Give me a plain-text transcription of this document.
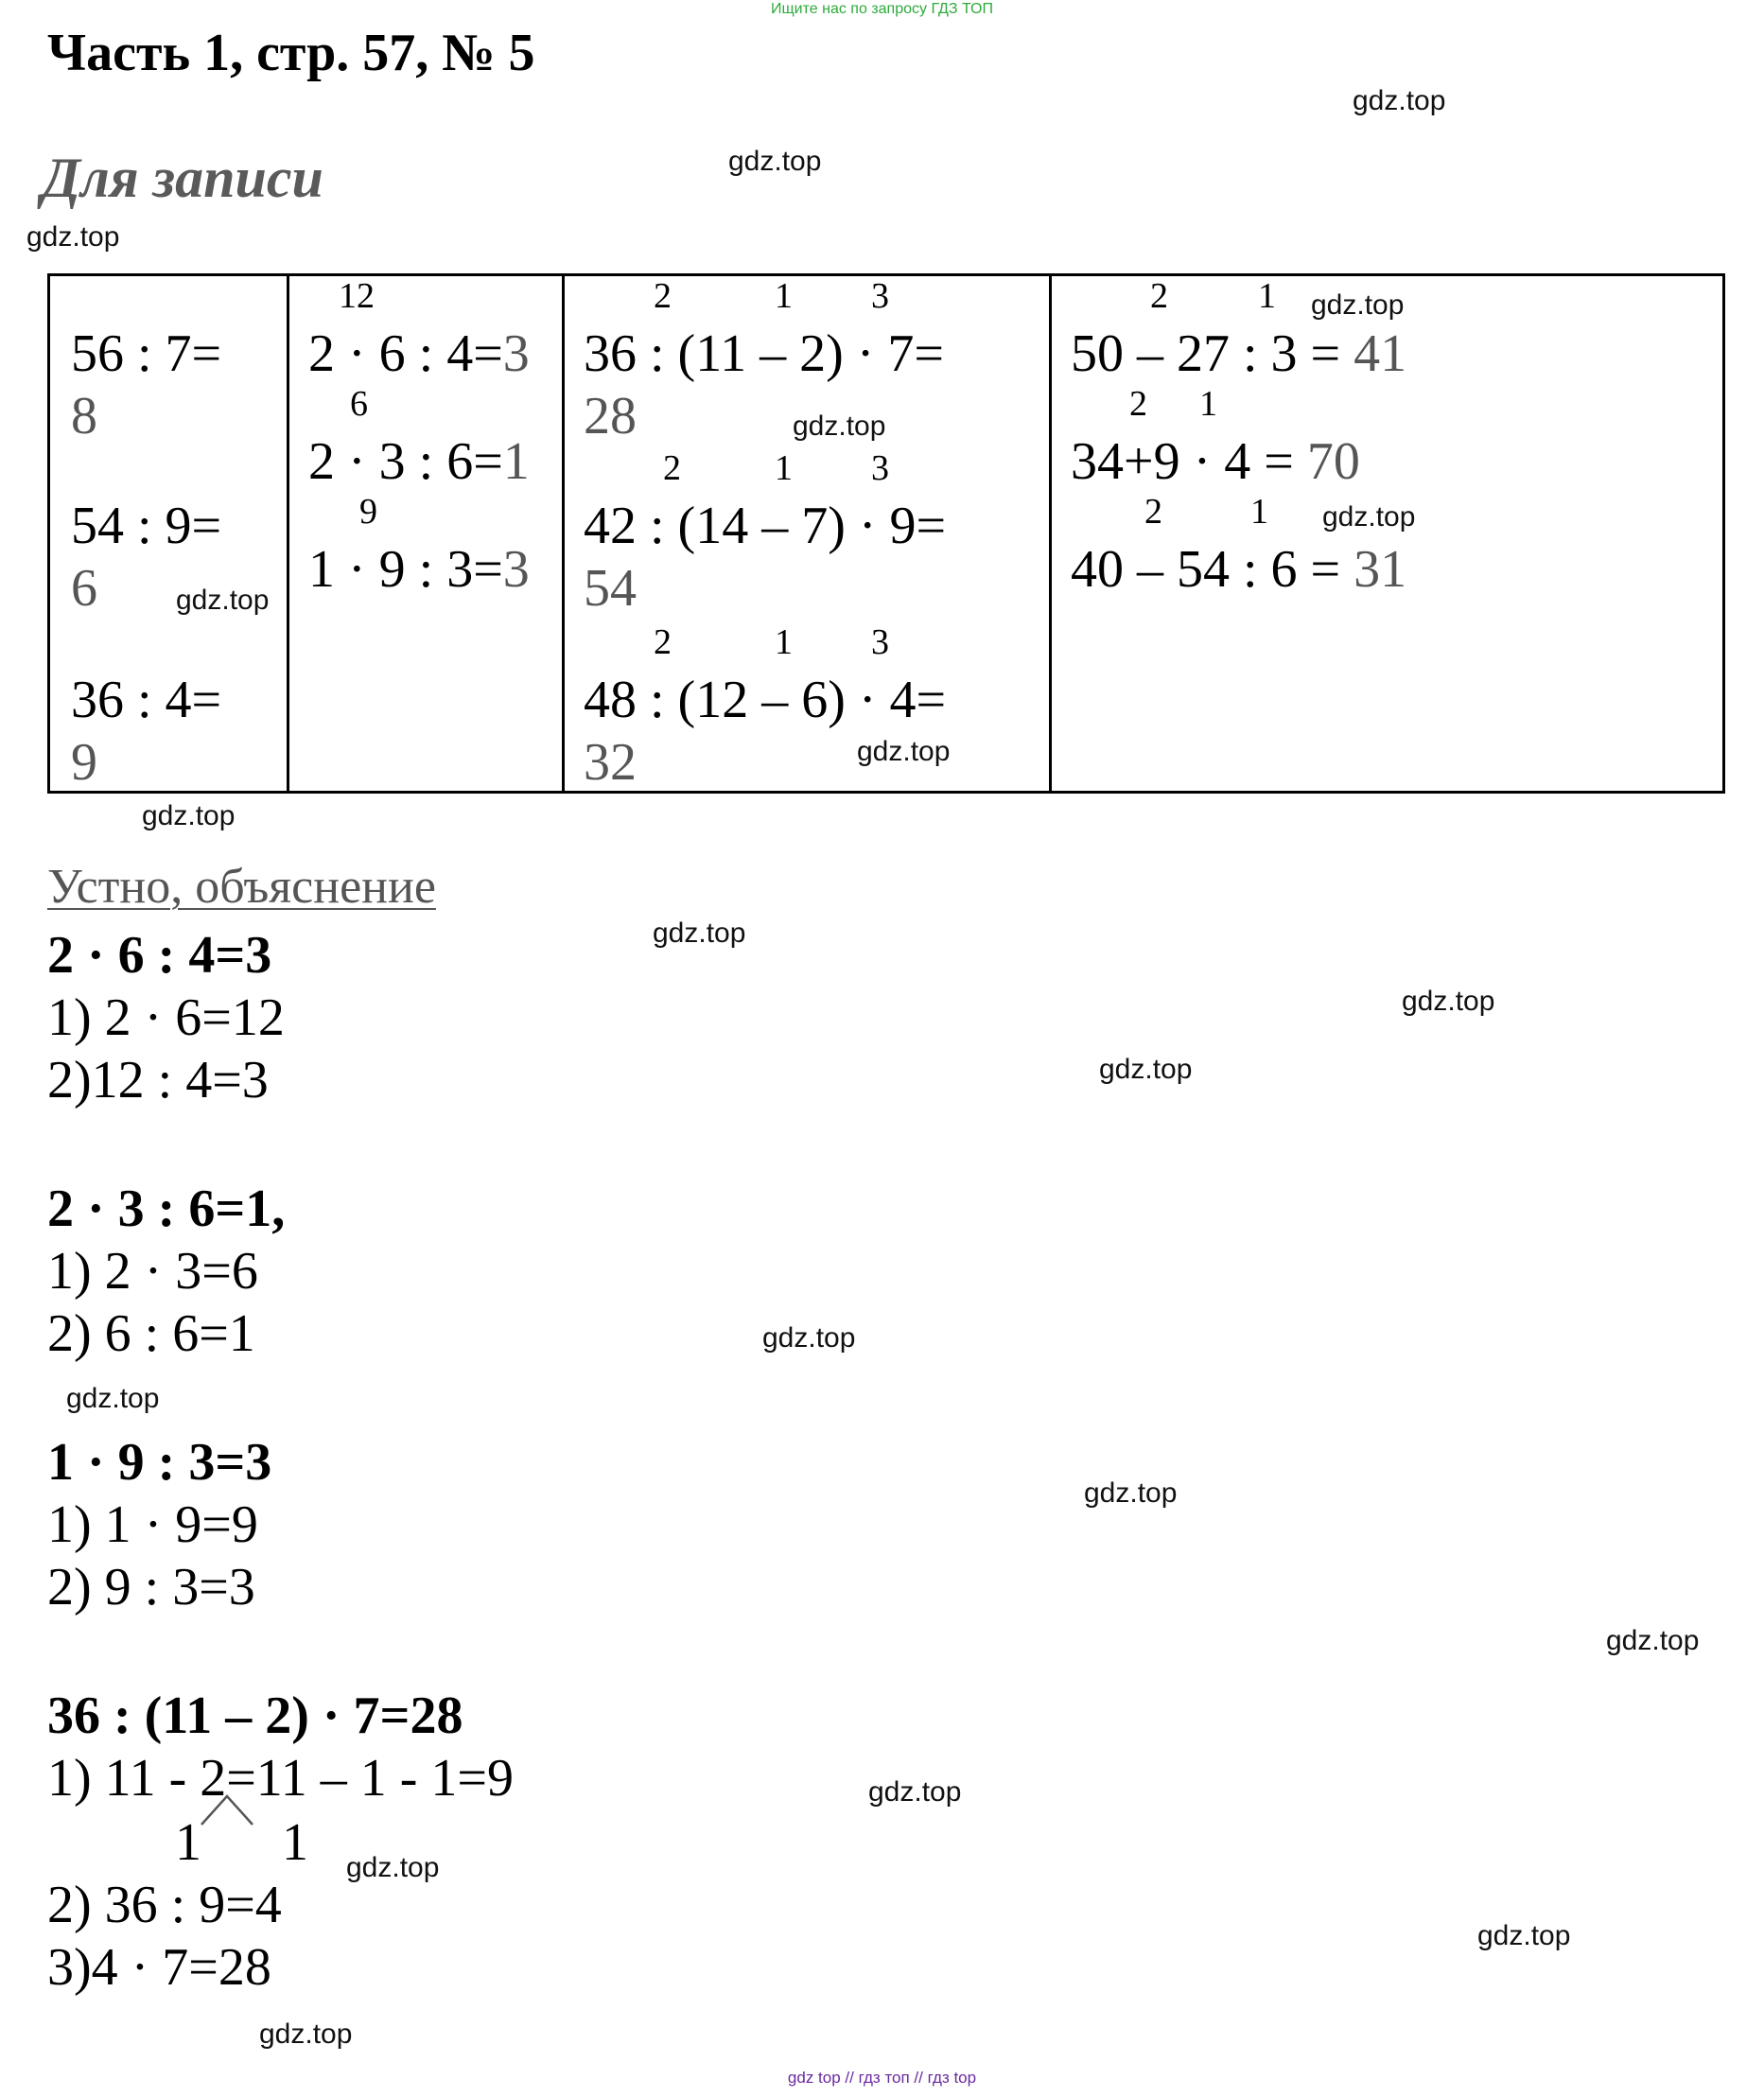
Ищите нас по запросу ГДЗ ТОП
Часть 1, стр. 57, № 5
Для записи
56 : 7=
8
54 : 9=
6
36 : 4=
9

12
2 · 6 : 4=3
6
2 · 3 : 6=1
9
1 · 9 : 3=3

2	1 3
36 : (11 – 2) · 7=
28
2	1 3
42 : (14 – 7) · 9=
54
2	1 3
48 : (12 – 6) · 4=
32

2	1
50 – 27 : 3 = 41
2 1
34+9 · 4 = 70
2 1
40 – 54 : 6 = 31
Устно, объяснение
2 · 6 : 4=3
1) 2 · 6=12
2)12 : 4=3
2 · 3 : 6=1,
1) 2 · 3=6
2) 6 : 6=1
1 · 9 : 3=3
1) 1 · 9=9
2) 9 : 3=3
36 : (11 – 2) · 7=28
1) 11 - 2=11 – 1 - 1=9
1 1
2) 36 : 9=4
3)4 · 7=28
gdz.top
gdz.top
gdz.top
gdz.top
gdz.top
gdz.top
gdz.top
gdz.top
gdz.top
gdz.top
gdz.top
gdz.top
gdz.top
gdz.top
gdz.top
gdz.top
gdz.top
gdz.top
gdz.top
gdz.top
gdz top // гдз топ // гдз top
